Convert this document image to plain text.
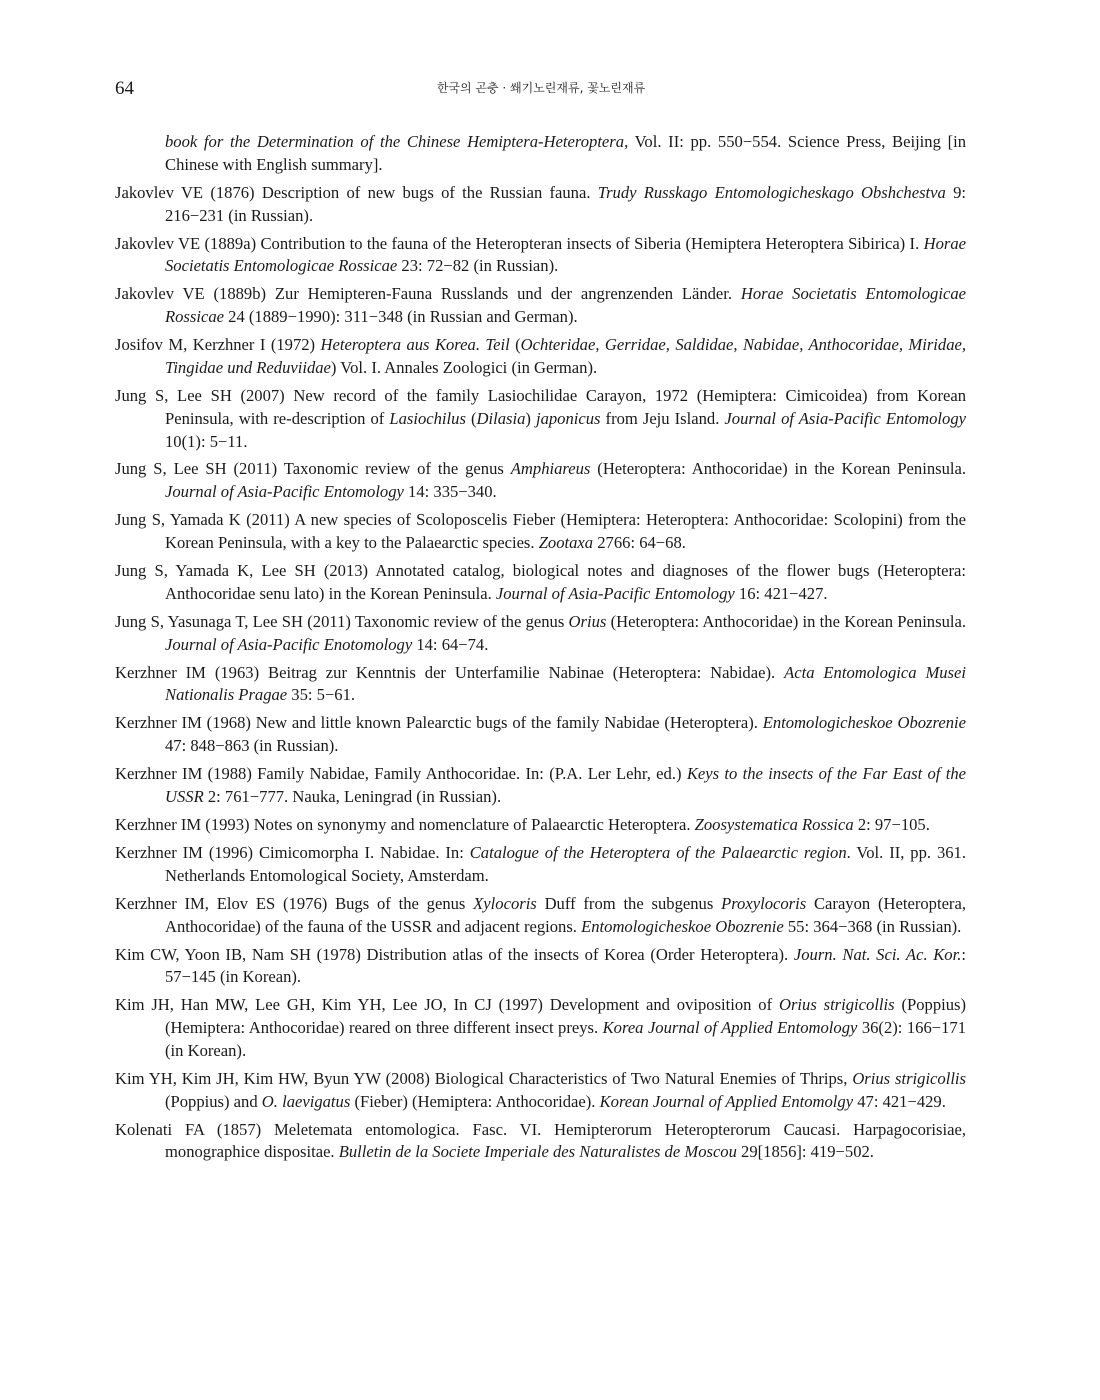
64	한국의 곤충 · 쐐기노린재류, 꽃노린재류
book for the Determination of the Chinese Hemiptera-Heteroptera, Vol. II: pp. 550−554. Science Press, Beijing [in Chinese with English summary].
Jakovlev VE (1876) Description of new bugs of the Russian fauna. Trudy Russkago Entomologicheskago Obshchestva 9: 216−231 (in Russian).
Jakovlev VE (1889a) Contribution to the fauna of the Heteropteran insects of Siberia (Hemiptera Heteroptera Sibirica) I. Horae Societatis Entomologicae Rossicae 23: 72−82 (in Russian).
Jakovlev VE (1889b) Zur Hemipteren-Fauna Russlands und der angrenzenden Länder. Horae Societatis Entomologicae Rossicae 24 (1889−1990): 311−348 (in Russian and German).
Josifov M, Kerzhner I (1972) Heteroptera aus Korea. Teil (Ochteridae, Gerridae, Saldidae, Nabidae, Anthocoridae, Miridae, Tingidae und Reduviidae) Vol. I. Annales Zoologici (in German).
Jung S, Lee SH (2007) New record of the family Lasiochilidae Carayon, 1972 (Hemiptera: Cimicoidea) from Korean Peninsula, with re-description of Lasiochilus (Dilasia) japonicus from Jeju Island. Journal of Asia-Pacific Entomology 10(1): 5−11.
Jung S, Lee SH (2011) Taxonomic review of the genus Amphiareus (Heteroptera: Anthocoridae) in the Korean Peninsula. Journal of Asia-Pacific Entomology 14: 335−340.
Jung S, Yamada K (2011) A new species of Scoloposcelis Fieber (Hemiptera: Heteroptera: Anthocoridae: Scolopini) from the Korean Peninsula, with a key to the Palaearctic species. Zootaxa 2766: 64−68.
Jung S, Yamada K, Lee SH (2013) Annotated catalog, biological notes and diagnoses of the flower bugs (Heteroptera: Anthocoridae senu lato) in the Korean Peninsula. Journal of Asia-Pacific Entomology 16: 421−427.
Jung S, Yasunaga T, Lee SH (2011) Taxonomic review of the genus Orius (Heteroptera: Anthocoridae) in the Korean Peninsula. Journal of Asia-Pacific Enotomology 14: 64−74.
Kerzhner IM (1963) Beitrag zur Kenntnis der Unterfamilie Nabinae (Heteroptera: Nabidae). Acta Entomologica Musei Nationalis Pragae 35: 5−61.
Kerzhner IM (1968) New and little known Palearctic bugs of the family Nabidae (Heteroptera). Entomologicheskoe Obozrenie 47: 848−863 (in Russian).
Kerzhner IM (1988) Family Nabidae, Family Anthocoridae. In: (P.A. Ler Lehr, ed.) Keys to the insects of the Far East of the USSR 2: 761−777. Nauka, Leningrad (in Russian).
Kerzhner IM (1993) Notes on synonymy and nomenclature of Palaearctic Heteroptera. Zoosystematica Rossica 2: 97−105.
Kerzhner IM (1996) Cimicomorpha I. Nabidae. In: Catalogue of the Heteroptera of the Palaearctic region. Vol. II, pp. 361. Netherlands Entomological Society, Amsterdam.
Kerzhner IM, Elov ES (1976) Bugs of the genus Xylocoris Duff from the subgenus Proxylocoris Carayon (Heteroptera, Anthocoridae) of the fauna of the USSR and adjacent regions. Entomologicheskoe Obozrenie 55: 364−368 (in Russian).
Kim CW, Yoon IB, Nam SH (1978) Distribution atlas of the insects of Korea (Order Heteroptera). Journ. Nat. Sci. Ac. Kor.: 57−145 (in Korean).
Kim JH, Han MW, Lee GH, Kim YH, Lee JO, In CJ (1997) Development and oviposition of Orius strigicollis (Poppius) (Hemiptera: Anthocoridae) reared on three different insect preys. Korea Journal of Applied Entomology 36(2): 166−171 (in Korean).
Kim YH, Kim JH, Kim HW, Byun YW (2008) Biological Characteristics of Two Natural Enemies of Thrips, Orius strigicollis (Poppius) and O. laevigatus (Fieber) (Hemiptera: Anthocoridae). Korean Journal of Applied Entomolgy 47: 421−429.
Kolenati FA (1857) Meletemata entomologica. Fasc. VI. Hemipterorum Heteropterorum Caucasi. Harpagocorisiae, monographice dispositae. Bulletin de la Societe Imperiale des Naturalistes de Moscou 29[1856]: 419−502.
